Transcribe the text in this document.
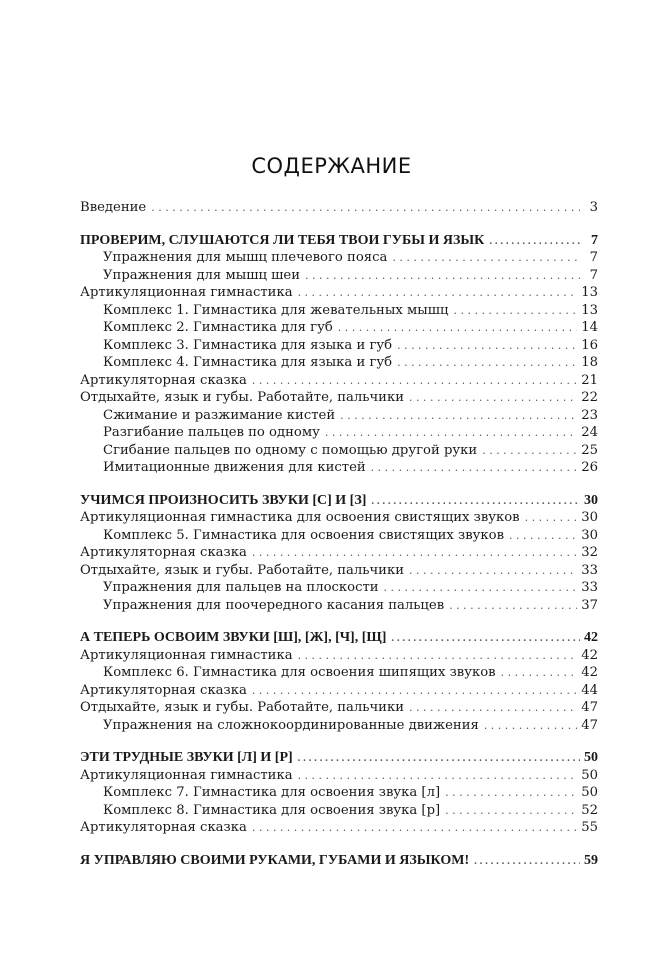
СОДЕРЖАНИЕ
Введение . . .	3
ПРОВЕРИМ, СЛУШАЮТСЯ ЛИ ТЕБЯ ТВОИ ГУБЫ И ЯЗЫК . . .	7
Упражнения для мышц плечевого пояса . . .	7
Упражнения для мышц шеи . . .	7
Артикуляционная гимнастика . . .	13
Комплекс 1. Гимнастика для жевательных мышц . . .	13
Комплекс 2. Гимнастика для губ . . .	14
Комплекс 3. Гимнастика для языка и губ . . .	16
Комплекс 4. Гимнастика для языка и губ . . .	18
Артикуляторная сказка . . .	21
Отдыхайте, язык и губы. Работайте, пальчики . . .	22
Сжимание и разжимание кистей . . .	23
Разгибание пальцев по одному . . .	24
Сгибание пальцев по одному с помощью другой руки . . .	25
Имитационные движения для кистей . . .	26
УЧИМСЯ ПРОИЗНОСИТЬ ЗВУКИ [С] И [З] . . .	30
Артикуляционная гимнастика для освоения свистящих звуков . . .	30
Комплекс 5. Гимнастика для освоения свистящих звуков . . .	30
Артикуляторная сказка . . .	32
Отдыхайте, язык и губы. Работайте, пальчики . . .	33
Упражнения для пальцев на плоскости . . .	33
Упражнения для поочередного касания пальцев . . .	37
А ТЕПЕРЬ ОСВОИМ ЗВУКИ [Ш], [Ж], [Ч], [Щ] . . .	42
Артикуляционная гимнастика . . .	42
Комплекс 6. Гимнастика для освоения шипящих звуков . . .	42
Артикуляторная сказка . . .	44
Отдыхайте, язык и губы. Работайте, пальчики . . .	47
Упражнения на сложнокоординированные движения . . .	47
ЭТИ ТРУДНЫЕ ЗВУКИ [Л] И [Р] . . .	50
Артикуляционная гимнастика . . .	50
Комплекс 7. Гимнастика для освоения звука [л] . . .	50
Комплекс 8. Гимнастика для освоения звука [р] . . .	52
Артикуляторная сказка . . .	55
Я УПРАВЛЯЮ СВОИМИ РУКАМИ, ГУБАМИ И ЯЗЫКОМ! . . .	59
